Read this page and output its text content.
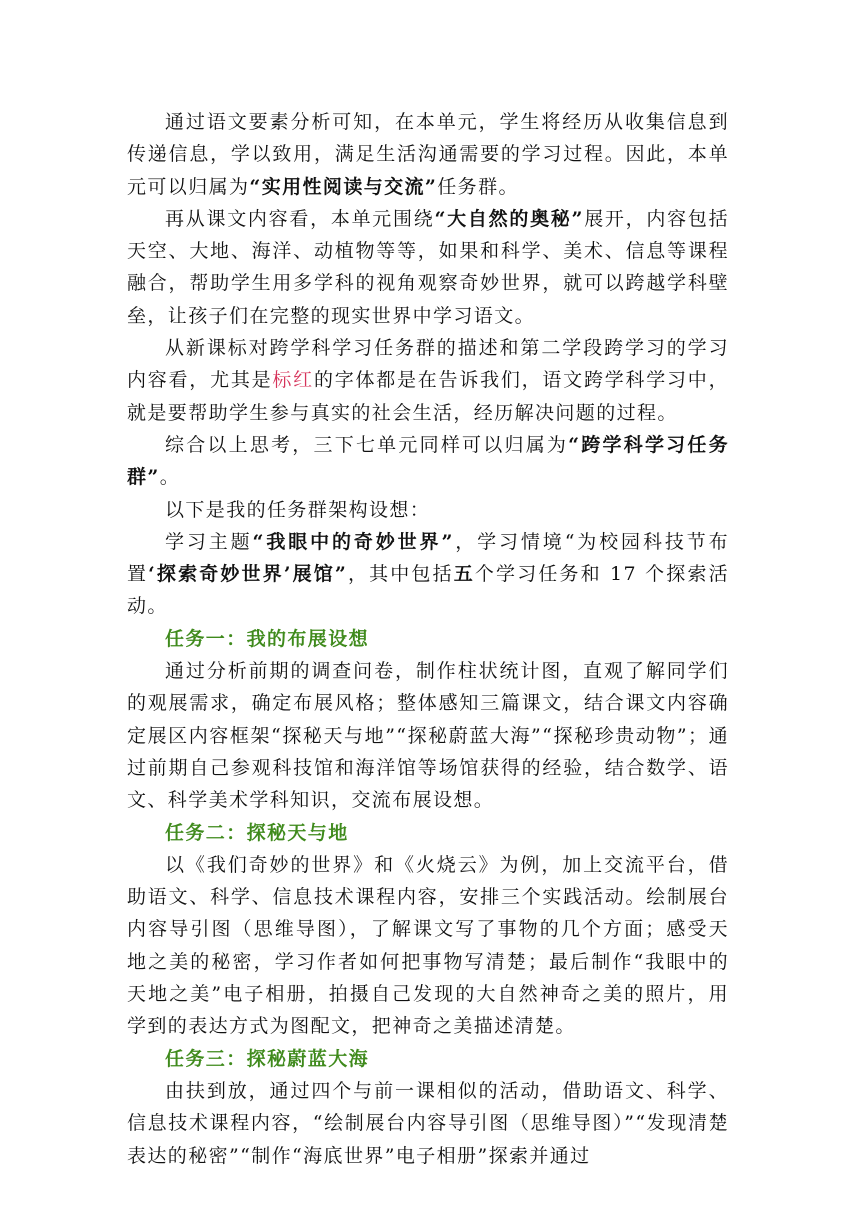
通过语文要素分析可知，在本单元，学生将经历从收集信息到传递信息，学以致用，满足生活沟通需要的学习过程。因此，本单元可以归属为“实用性阅读与交流”任务群。

再从课文内容看，本单元围绕“大自然的奥秘”展开，内容包括天空、大地、海洋、动植物等等，如果和科学、美术、信息等课程融合，帮助学生用多学科的视角观察奇妙世界，就可以跨越学科壁垒，让孩子们在完整的现实世界中学习语文。

从新课标对跨学科学习任务群的描述和第二学段跨学习的学习内容看，尤其是标红的字体都是在告诉我们，语文跨学科学习中，就是要帮助学生参与真实的社会生活，经历解决问题的过程。

综合以上思考，三下七单元同样可以归属为“跨学科学习任务群”。

以下是我的任务群架构设想：

学习主题“我眼中的奇妙世界”，学习情境“为校园科技节布置‘探索奇妙世界’展馆”，其中包括五个学习任务和 17 个探索活动。

任务一：我的布展设想

通过分析前期的调查问卷，制作柱状统计图，直观了解同学们的观展需求，确定布展风格；整体感知三篇课文，结合课文内容确定展区内容框架“探秘天与地”“探秘蔚蓝大海”“探秘珍贵动物”；通过前期自己参观科技馆和海洋馆等场馆获得的经验，结合数学、语文、科学美术学科知识，交流布展设想。

任务二：探秘天与地

以《我们奇妙的世界》和《火烧云》为例，加上交流平台，借助语文、科学、信息技术课程内容，安排三个实践活动。绘制展台内容导引图（思维导图），了解课文写了事物的几个方面；感受天地之美的秘密，学习作者如何把事物写清楚；最后制作“我眼中的天地之美”电子相册，拍摄自己发现的大自然神奇之美的照片，用学到的表达方式为图配文，把神奇之美描述清楚。

任务三：探秘蔚蓝大海

由扶到放，通过四个与前一课相似的活动，借助语文、科学、信息技术课程内容，“绘制展台内容导引图（思维导图）”“发现清楚表达的秘密”“制作“海底世界”电子相册”探索并通过
